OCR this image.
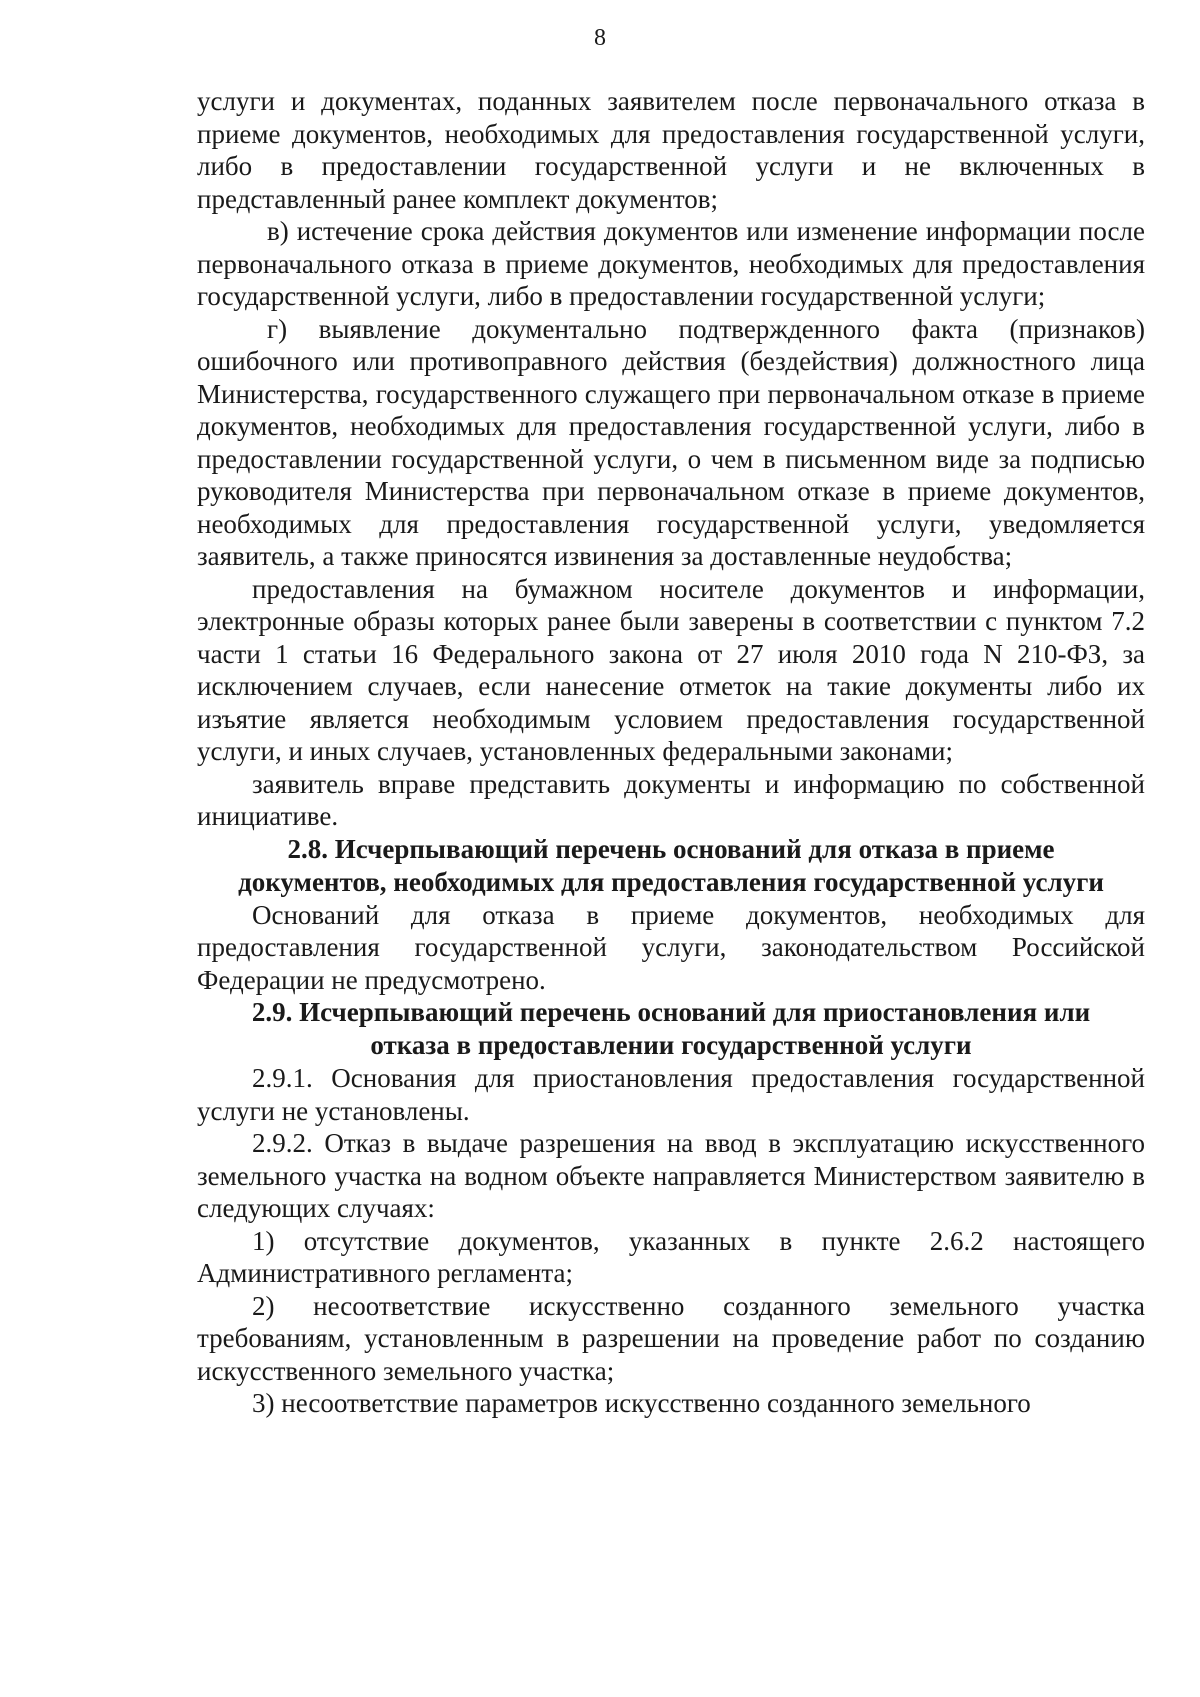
8

услуги и документах, поданных заявителем после первоначального отказа в приеме документов, необходимых для предоставления государственной услуги, либо в предоставлении государственной услуги и не включенных в представленный ранее комплект документов;

в) истечение срока действия документов или изменение информации после первоначального отказа в приеме документов, необходимых для предоставления государственной услуги, либо в предоставлении государственной услуги;

г) выявление документально подтвержденного факта (признаков) ошибочного или противоправного действия (бездействия) должностного лица Министерства, государственного служащего при первоначальном отказе в приеме документов, необходимых для предоставления государственной услуги, либо в предоставлении государственной услуги, о чем в письменном виде за подписью руководителя Министерства при первоначальном отказе в приеме документов, необходимых для предоставления государственной услуги, уведомляется заявитель, а также приносятся извинения за доставленные неудобства;

предоставления на бумажном носителе документов и информации, электронные образы которых ранее были заверены в соответствии с пунктом 7.2 части 1 статьи 16 Федерального закона от 27 июля 2010 года N 210-ФЗ, за исключением случаев, если нанесение отметок на такие документы либо их изъятие является необходимым условием предоставления государственной услуги, и иных случаев, установленных федеральными законами;

заявитель вправе представить документы и информацию по собственной инициативе.

2.8. Исчерпывающий перечень оснований для отказа в приеме
документов, необходимых для предоставления государственной услуги

Оснований для отказа в приеме документов, необходимых для предоставления государственной услуги, законодательством Российской Федерации не предусмотрено.

2.9. Исчерпывающий перечень оснований для приостановления или
отказа в предоставлении государственной услуги

2.9.1. Основания для приостановления предоставления государственной услуги не установлены.

2.9.2. Отказ в выдаче разрешения на ввод в эксплуатацию искусственного земельного участка на водном объекте направляется Министерством заявителю в следующих случаях:

1) отсутствие документов, указанных в пункте 2.6.2 настоящего Административного регламента;

2) несоответствие искусственно созданного земельного участка требованиям, установленным в разрешении на проведение работ по созданию искусственного земельного участка;

3) несоответствие параметров искусственно созданного земельного
